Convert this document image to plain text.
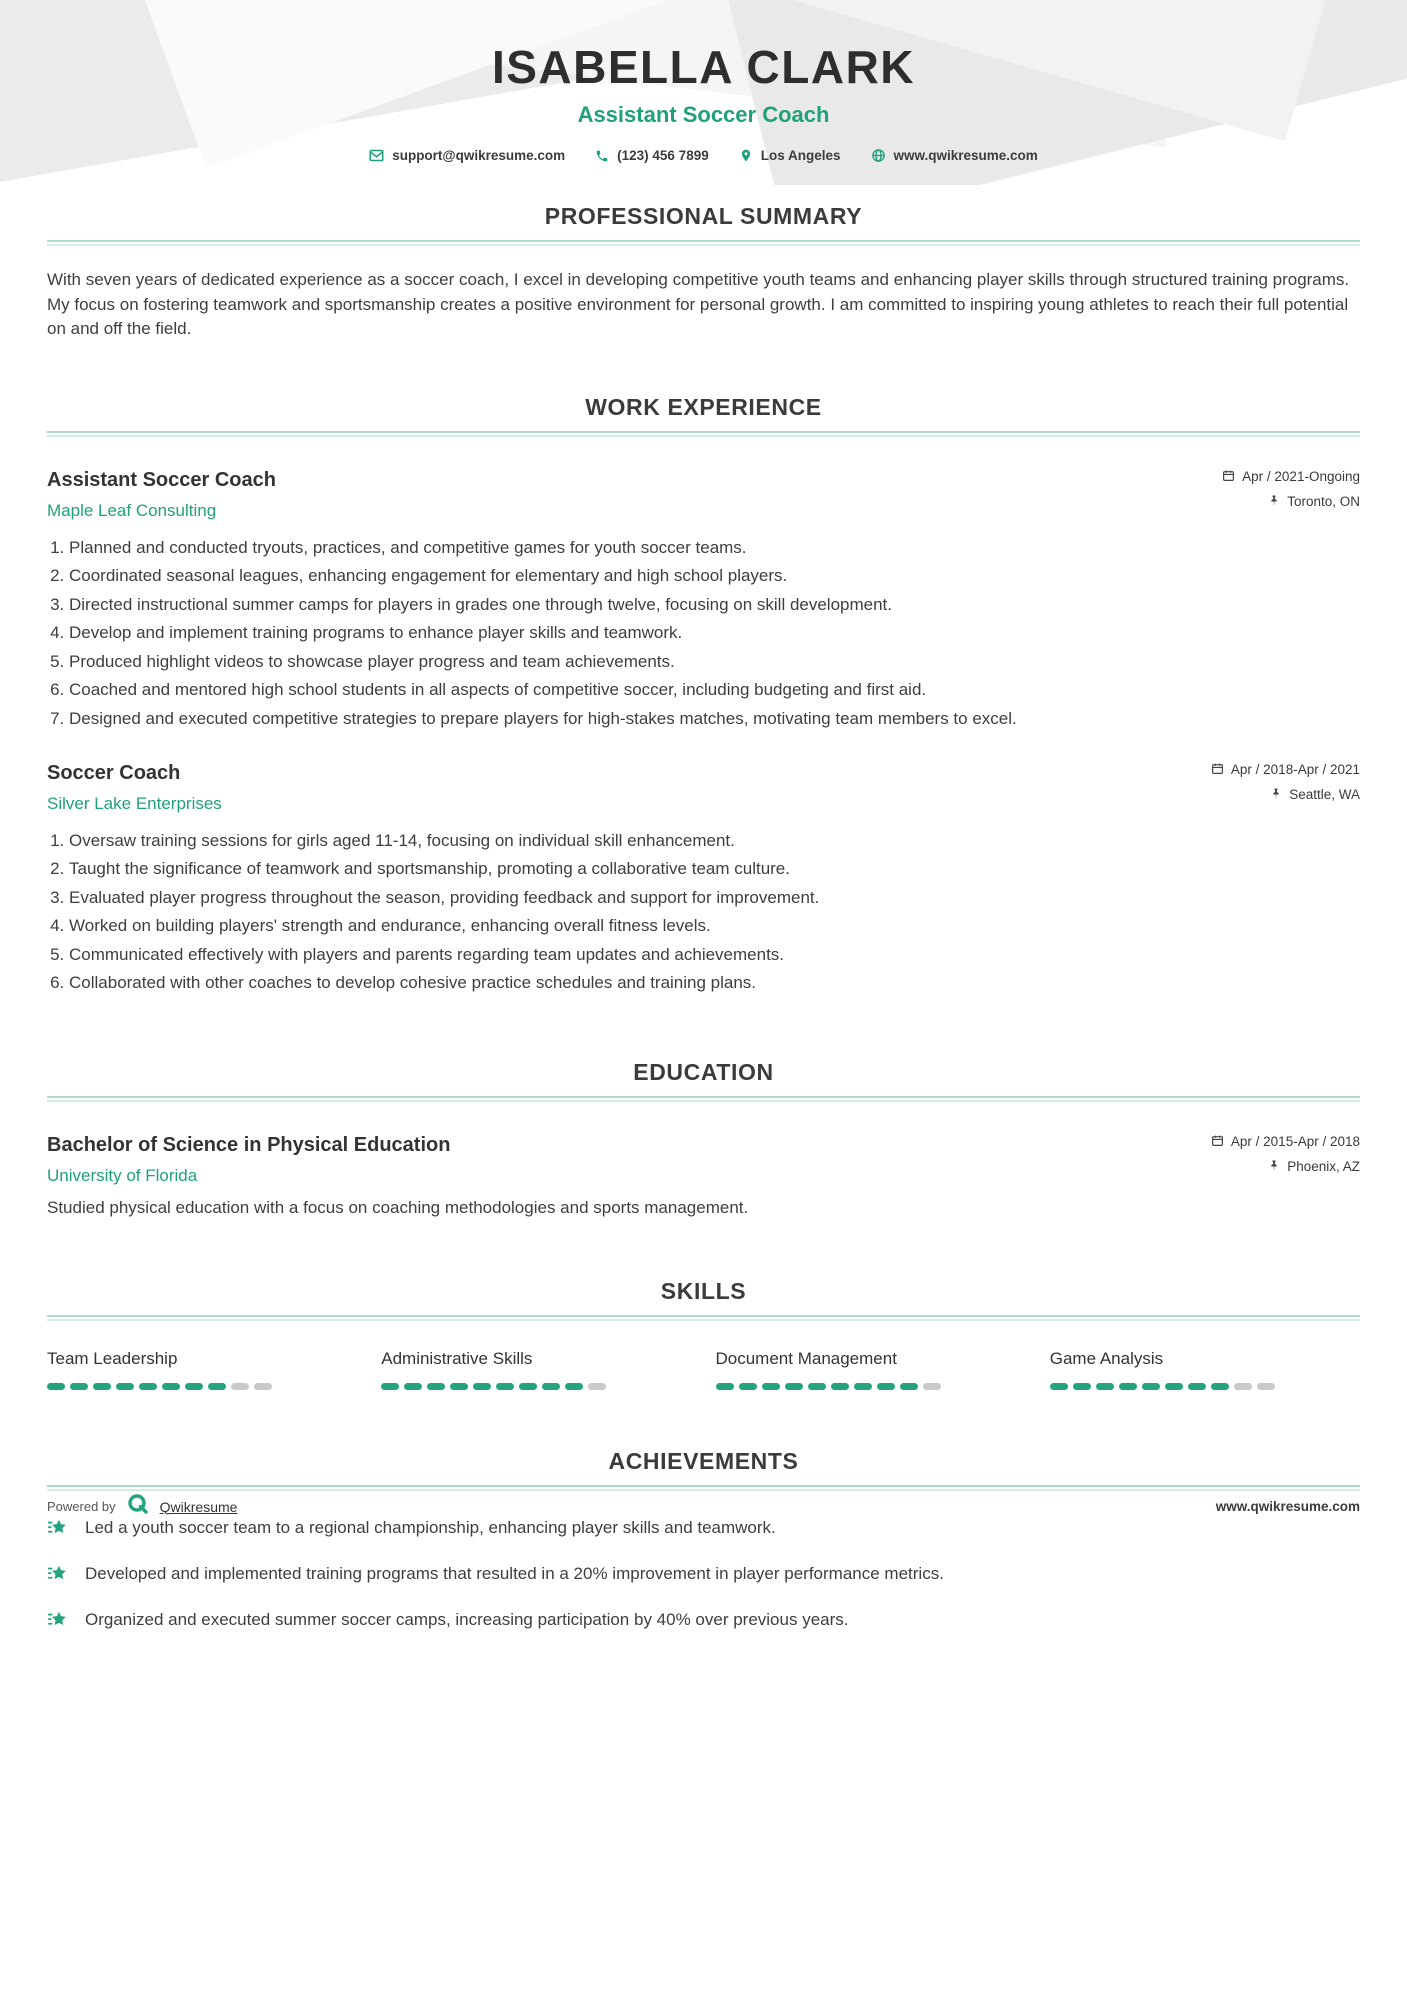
ISABELLA CLARK
Assistant Soccer Coach
support@qwikresume.com	(123) 456 7899	Los Angeles	www.qwikresume.com
PROFESSIONAL SUMMARY

With seven years of dedicated experience as a soccer coach, I excel in developing competitive youth teams and enhancing player skills through structured training programs. My focus on fostering teamwork and sportsmanship creates a positive environment for personal growth. I am committed to inspiring young athletes to reach their full potential on and off the field.

WORK EXPERIENCE
Assistant Soccer Coach
Maple Leaf Consulting
Apr / 2021-Ongoing
Toronto, ON
1. Planned and conducted tryouts, practices, and competitive games for youth soccer teams.
2. Coordinated seasonal leagues, enhancing engagement for elementary and high school players.
3. Directed instructional summer camps for players in grades one through twelve, focusing on skill development.
4. Develop and implement training programs to enhance player skills and teamwork.
5. Produced highlight videos to showcase player progress and team achievements.
6. Coached and mentored high school students in all aspects of competitive soccer, including budgeting and first aid.
7. Designed and executed competitive strategies to prepare players for high-stakes matches, motivating team members to excel.
Soccer Coach
Silver Lake Enterprises
Apr / 2018-Apr / 2021
Seattle, WA
1. Oversaw training sessions for girls aged 11-14, focusing on individual skill enhancement.
2. Taught the significance of teamwork and sportsmanship, promoting a collaborative team culture.
3. Evaluated player progress throughout the season, providing feedback and support for improvement.
4. Worked on building players' strength and endurance, enhancing overall fitness levels.
5. Communicated effectively with players and parents regarding team updates and achievements.
6. Collaborated with other coaches to develop cohesive practice schedules and training plans.
EDUCATION
Bachelor of Science in Physical Education
University of Florida
Apr / 2015-Apr / 2018
Phoenix, AZ

Studied physical education with a focus on coaching methodologies and sports management.

SKILLS
Team Leadership	Administrative Skills	Document Management	Game Analysis
ACHIEVEMENTS
Led a youth soccer team to a regional championship, enhancing player skills and teamwork.
Developed and implemented training programs that resulted in a 20% improvement in player performance metrics.
Organized and executed summer soccer camps, increasing participation by 40% over previous years.
Powered by	Qwikresume	www.qwikresume.com
